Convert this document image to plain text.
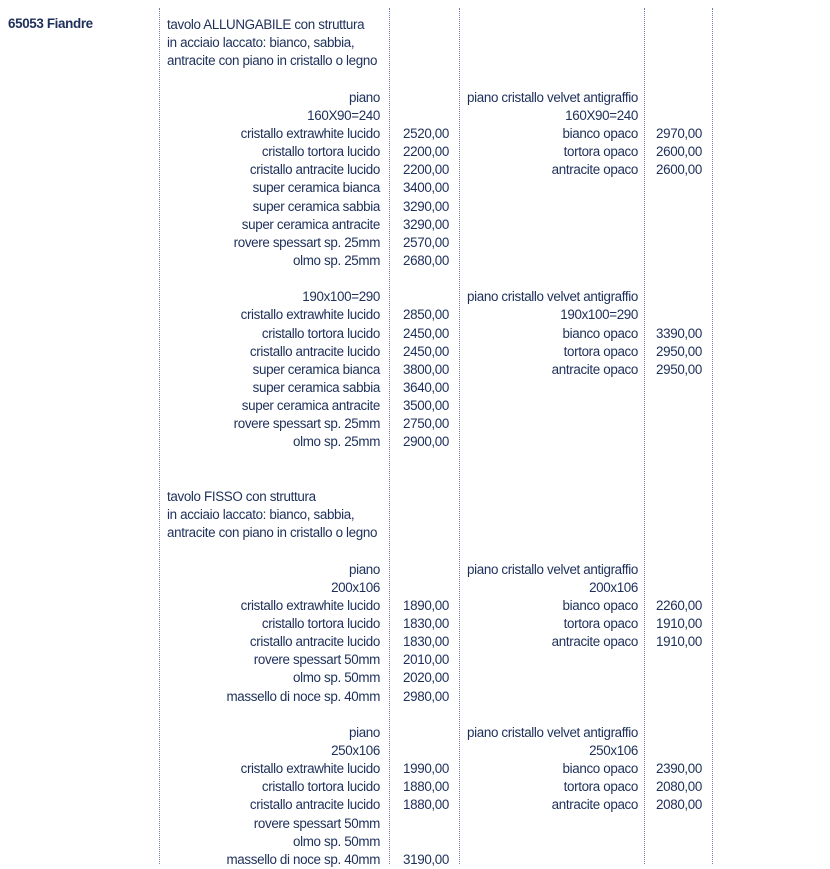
65053 Fiandre	tavolo ALLUNGABILE con struttura
in acciaio laccato: bianco, sabbia,
antracite con piano in cristallo o legno
piano	piano cristallo velvet antigraffio
160X90=240	160X90=240
cristallo extrawhite lucido 2520,00	bianco opaco 2970,00
cristallo tortora lucido 2200,00	tortora opaco 2600,00
cristallo antracite lucido 2200,00	antracite opaco 2600,00
super ceramica bianca 3400,00
super ceramica sabbia 3290,00
super ceramica antracite 3290,00
rovere spessart sp. 25mm 2570,00
olmo sp. 25mm 2680,00
190x100=290	piano cristallo velvet antigraffio
cristallo extrawhite lucido 2850,00	190x100=290
cristallo tortora lucido 2450,00	bianco opaco 3390,00
cristallo antracite lucido 2450,00	tortora opaco 2950,00
super ceramica bianca 3800,00	antracite opaco 2950,00
super ceramica sabbia 3640,00
super ceramica antracite 3500,00
rovere spessart sp. 25mm 2750,00
olmo sp. 25mm 2900,00
tavolo FISSO con struttura
in acciaio laccato: bianco, sabbia,
antracite con piano in cristallo o legno
piano	piano cristallo velvet antigraffio
200x106	200x106
cristallo extrawhite lucido 1890,00	bianco opaco 2260,00
cristallo tortora lucido 1830,00	tortora opaco 1910,00
cristallo antracite lucido 1830,00	antracite opaco 1910,00
rovere spessart 50mm 2010,00
olmo sp. 50mm 2020,00
massello di noce sp. 40mm 2980,00
piano	piano cristallo velvet antigraffio
250x106	250x106
cristallo extrawhite lucido 1990,00	bianco opaco 2390,00
cristallo tortora lucido 1880,00	tortora opaco 2080,00
cristallo antracite lucido 1880,00	antracite opaco 2080,00
rovere spessart 50mm
olmo sp. 50mm
massello di noce sp. 40mm 3190,00
